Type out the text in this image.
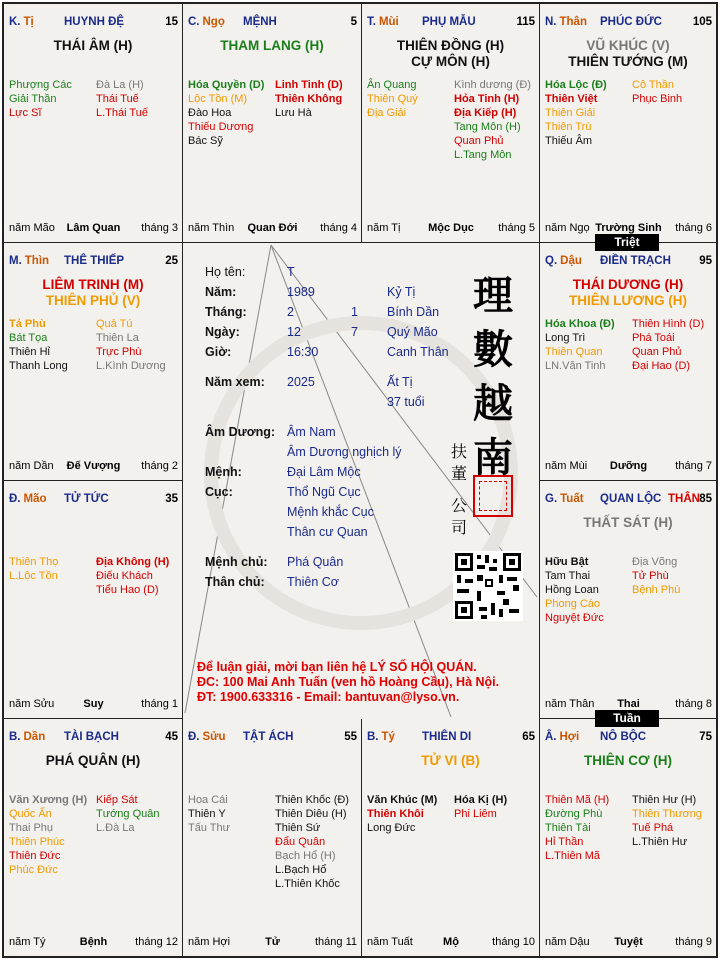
K. Tị	HUYNH ĐỆ	15
THÁI ÂM (H)
Phượng Các
Giải Thần
Lực Sĩ
Đà La (H)
Thái Tuế
L.Thái Tuế
năm Mão Lâm Quan tháng 3
C. Ngọ MỆNH	5
THAM LANG (H)
Hóa Quyền (D)
Lộc Tồn (M)
Đào Hoa
Thiếu Dương
Bác Sỹ
Linh Tinh (D)
Thiên Không
Lưu Hà
năm Thìn Quan Đới tháng 4
T. Mùi PHỤ MẪU	115
THIÊN ĐỒNG (H)
CỰ MÔN (H)
Ân Quang
Thiên Quý
Địa Giải
Kình dương (Đ)
Hỏa Tinh (H)
Địa Kiếp (H)
Tang Môn (H)
Quan Phủ
L.Tang Môn
năm Tị	Mộc Dục tháng 5
N. Thân PHÚC ĐỨC	105
VŨ KHÚC (V)
THIÊN TƯỚNG (M)
Hóa Lộc (Đ)
Thiên Việt
Thiên Giải
Thiên Trù
Thiếu Âm
Cô Thần
Phục Binh
năm Ngọ Trường Sinh tháng 6
M. Thìn THÊ THIẾP	25
LIÊM TRINH (M)
THIÊN PHỦ (V)
Tả Phù
Bát Tọa
Thiên Hỉ
Thanh Long
Quả Tú
Thiên La
Trực Phù
L.Kình Dương
năm Dần Đế Vượng tháng 2
Q. Dậu ĐIỀN TRẠCH 95
THÁI DƯƠNG (H)
THIÊN LƯƠNG (H)
Hóa Khoa (Đ)
Long Trì
Thiên Quan
LN.Văn Tinh
Thiên Hình (D)
Phá Toái
Quan Phủ
Đại Hao (D)
năm Mùi Dưỡng	tháng 7
Đ. Mão TỬ TỨC	35
Thiên Thọ
L.Lộc Tồn
Địa Không (H)
Điếu Khách
Tiểu Hao (D)
năm Sửu	Suy	tháng 1
G. Tuất QUAN LỘC THÂN 85
THẤT SÁT (H)
Hữu Bật
Tam Thai
Hồng Loan
Phong Cáo
Nguyệt Đức
Địa Võng
Tử Phù
Bệnh Phù
năm Thân Thai	tháng 8
B. Dần TÀI BẠCH	45
PHÁ QUÂN (H)
Văn Xương (H)
Quốc Ấn
Thai Phụ
Thiên Phúc
Thiên Đức
Phúc Đức
Kiếp Sát
Tướng Quân
L.Đà La
năm Tý	Bệnh	tháng 12
Đ. Sửu TẬT ÁCH	55
Hoa Cái
Thiên Y
Tấu Thư
Thiên Khốc (Đ)
Thiên Diêu (H)
Thiên Sứ
Đẩu Quân
Bạch Hổ (H)
L.Bạch Hổ
L.Thiên Khốc
năm Hợi	Tử	tháng 11
B. Tý THIÊN DI	65
TỬ VI (B)
Văn Khúc (M)
Thiên Khôi
Long Đức
Hóa Kị (H)
Phi Liêm
năm Tuất	Mộ	tháng 10
Â. Hợi NÔ BỘC	75
THIÊN CƠ (H)
Thiên Mã (H)
Đường Phù
Thiên Tài
Hỉ Thần
L.Thiên Mã
Thiên Hư (H)
Thiên Thương
Tuế Phá
L.Thiên Hư
năm Dậu Tuyệt	tháng 9
Họ tên:	T
Năm:	1989	Kỷ Tị
Tháng:	2	1 Bính Dần
Ngày:	12	7 Quý Mão
Giờ:	16:30	Canh Thân
Năm xem: 2025	Ất Tị
37 tuổi
Âm Dương: Âm Nam
Âm Dương nghịch lý
Mệnh:	Đại Lâm Mộc
Cục:	Thổ Ngũ Cục
Mệnh khắc Cục
Thân cư Quan
Mệnh chủ: Phá Quân
Thân chủ: Thiên Cơ
理
數
越
南
扶
董
公
司
Để luận giải, mời bạn liên hệ LÝ SỐ HỘI QUÁN.
ĐC: 100 Mai Anh Tuấn (ven hồ Hoàng Cầu), Hà Nội.
ĐT: 1900.633316 - Email: bantuvan@lyso.vn.
Triệt
Tuần
